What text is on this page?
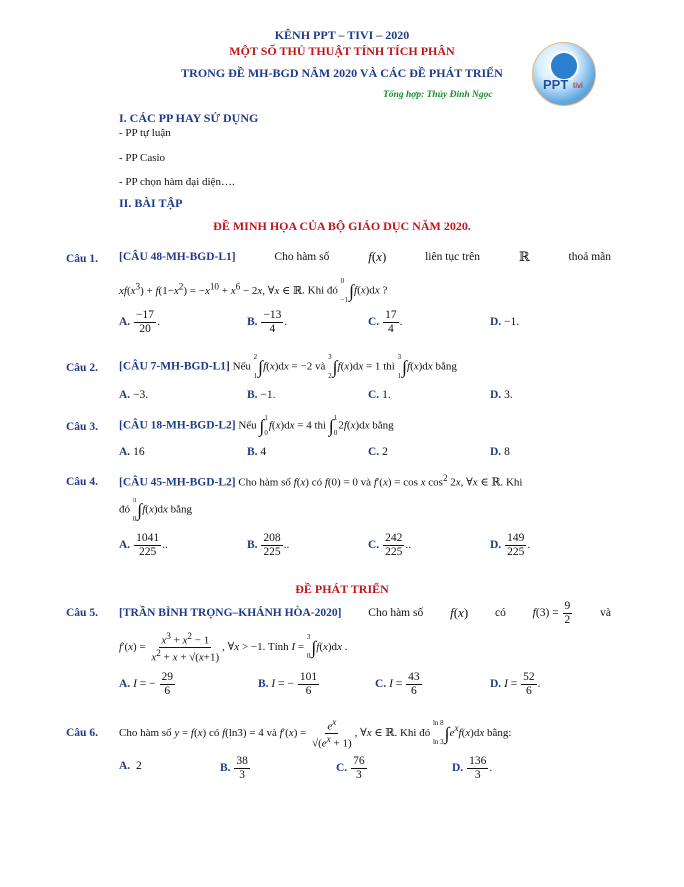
KÊNH PPT – TIVI – 2020
MỘT SỐ THỦ THUẬT TÍNH TÍCH PHÂN
TRONG ĐỀ MH-BGD NĂM 2020 VÀ CÁC ĐỀ PHÁT TRIỂN
Tổng hợp: Thủy Đinh Ngọc
PPT tivi
I. CÁC PP HAY SỬ DỤNG
- PP tự luận
- PP Casio
- PP chọn hàm đại diện….
II. BÀI TẬP
ĐỀ MINH HỌA CỦA BỘ GIÁO DỤC NĂM 2020.
Câu 1. [CÂU 48-MH-BGD-L1]	Cho hàm số	f(x)	liên tục trên	ℝ	thoả mãn
$xf(x^3) + f(1-x^2) = -x^{10} + x^6 - 2x$, ∀x ∈ ℝ. Khi đó
0
−1 ∫f(x)dx ?
A. $\frac{-17}{20}$ .	B. $\frac{-13}{4}$ .	C. $\frac{17}{4}$ .	D. −1.
Câu 2. [CÂU 7-MH-BGD-L1] Nếu
2
1 ∫f(x)dx = −2 và
3
2 ∫f(x)dx = 1 thì
3
1 ∫f(x)dx bằng
A. −3.	B. −1.	C. 1.	D. 3.
Câu 3. [CÂU 18-MH-BGD-L2] Nếu ∫ 1
0
f(x)dx = 4 thì ∫ 1
0
2f(x)dx bằng
A. 16	B. 4	C. 2	D. 8
Câu 4. [CÂU 45-MH-BGD-L2] Cho hàm số f(x) có f(0) = 0 và f′(x) = cos x $\cos^2 2x$, ∀x ∈ ℝ. Khi
đó
π
0 ∫f(x)dx bằng
A. $\frac{1041}{225}$ ..	B. $\frac{208}{225}$ ..	C. $\frac{242}{225}$ ..	D. $\frac{149}{225}$ .
ĐỀ PHÁT TRIỂN
Câu 5. [TRẦN BÌNH TRỌNG–KHÁNH HÒA-2020] Cho hàm số f(x) có $f(3) = \frac{9}{2}$ và
$f'(x) = \frac{x^3 + x^2 - 1}{x^2 + x + √(x+1)}$ , ∀x > −1. Tính I =
3
0 ∫f(x)dx .
A. I = − $\frac{29}{6}$	B. I = − $\frac{101}{6}$	C. $I = \frac{43}{6}$	D. $I = \frac{52}{6}$ .
Câu 6. Cho hàm số y = f(x) có f(ln3) = 4 và $f'(x) = \frac{e^x}{√(e^x + 1)}$ , ∀x ∈ ℝ. Khi đó
ln 8
ln 3 $\int e^xf(x)dx$ bằng:
A. 2	B. $\frac{38}{3}$	C. $\frac{76}{3}$	D. $\frac{136}{3}$ .
